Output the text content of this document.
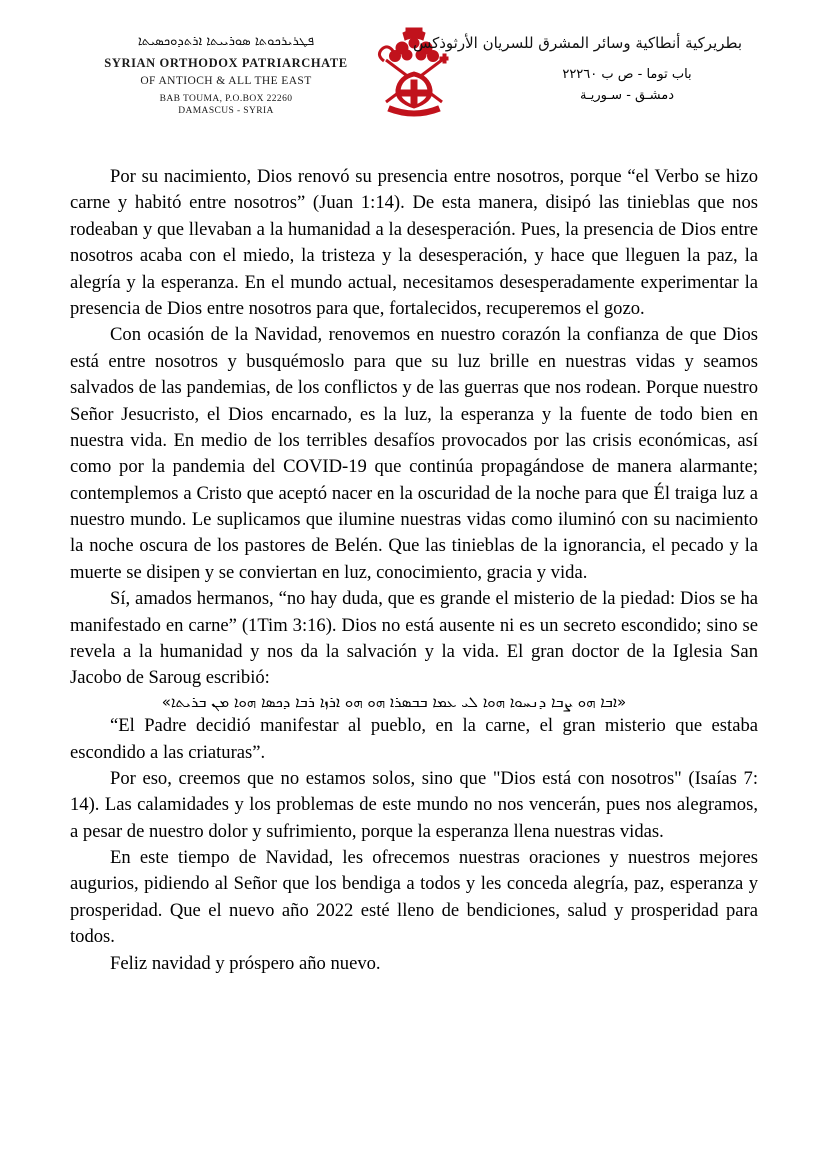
ܦܛܪܝܪܟܘܬܐ ܣܘܪܝܝܬܐ ܐܪܬܕܘܟܣܝܬܐ
SYRIAN ORTHODOX PATRIARCHATE
OF ANTIOCH & ALL THE EAST
BAB TOUMA, P.O.BOX 22260
DAMASCUS - SYRIA
بطريركية أنطاكية وسائر المشرق للسريان الأرثوذكس
باب توما - ص ب ٢٢٢٦٠
دمشـق - سـوريـة

Por su nacimiento, Dios renovó su presencia entre nosotros, porque “el Verbo se hizo carne y habitó entre nosotros” (Juan 1:14). De esta manera, disipó las tinieblas que nos rodeaban y que llevaban a la humanidad a la desesperación. Pues, la presencia de Dios entre nosotros acaba con el miedo, la tristeza y la desesperación, y hace que lleguen la paz, la alegría y la esperanza. En el mundo actual, necesitamos desesperadamente experimentar la presencia de Dios entre nosotros para que, fortalecidos, recuperemos el gozo.

Con ocasión de la Navidad, renovemos en nuestro corazón la confianza de que Dios está entre nosotros y busquémoslo para que su luz brille en nuestras vidas y seamos salvados de las pandemias, de los conflictos y de las guerras que nos rodean. Porque nuestro Señor Jesucristo, el Dios encarnado, es la luz, la esperanza y la fuente de todo bien en nuestra vida. En medio de los terribles desafíos provocados por las crisis económicas, así como por la pandemia del COVID-19 que continúa propagándose de manera alarmante; contemplemos a Cristo que aceptó nacer en la oscuridad de la noche para que Él traiga luz a nuestro mundo. Le suplicamos que ilumine nuestras vidas como iluminó con su nacimiento la noche oscura de los pastores de Belén. Que las tinieblas de la ignorancia, el pecado y la muerte se disipen y se conviertan en luz, conocimiento, gracia y vida.

Sí, amados hermanos, “no hay duda, que es grande el misterio de la piedad: Dios se ha manifestado en carne” (1Tim 3:16). Dios no está ausente ni es un secreto escondido; sino se revela a la humanidad y nos da la salvación y la vida. El gran doctor de la Iglesia San Jacobo de Saroug escribió:

«ܐܒܐ ܗܘ ܨܒܐ ܕܢܚܘܐ ܗܘܐ ܠܝ ܥܡܐ ܒܒܣܪܐ ܗܘ ܗܘ ܐܪܙܐ ܪܒܐ ܕܟܣܐ ܗܘܐ ܡܢ ܒܪܝܬܐ»

“El Padre decidió manifestar al pueblo, en la carne, el gran misterio que estaba escondido a las criaturas”.

Por eso, creemos que no estamos solos, sino que "Dios está con nosotros" (Isaías 7: 14). Las calamidades y los problemas de este mundo no nos vencerán, pues nos alegramos, a pesar de nuestro dolor y sufrimiento, porque la esperanza llena nuestras vidas.

En este tiempo de Navidad, les ofrecemos nuestras oraciones y nuestros mejores augurios, pidiendo al Señor que los bendiga a todos y les conceda alegría, paz, esperanza y prosperidad. Que el nuevo año 2022 esté lleno de bendiciones, salud y prosperidad para todos.

Feliz navidad y próspero año nuevo.
